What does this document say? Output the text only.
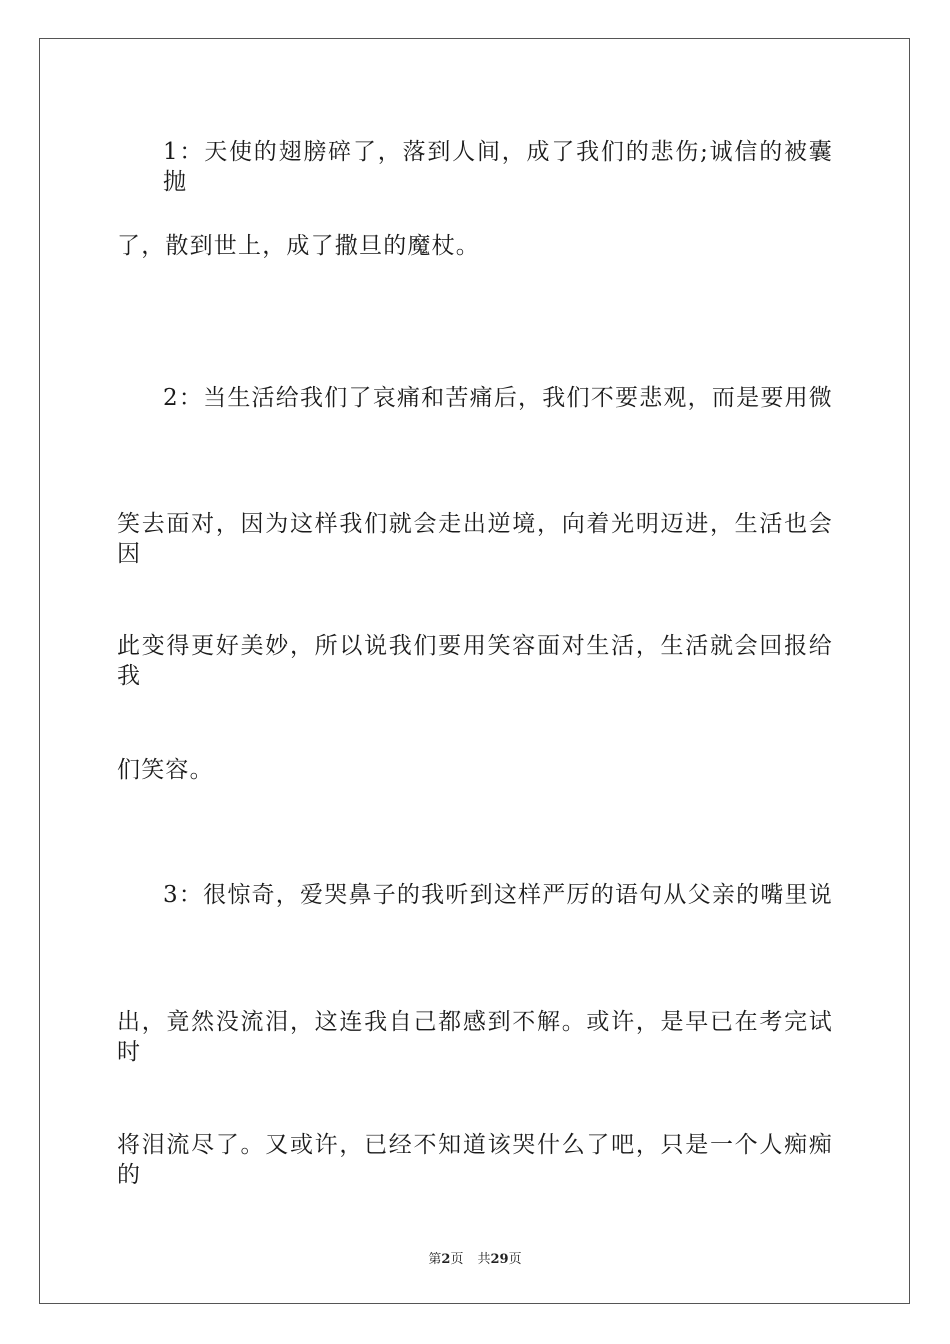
1：天使的翅膀碎了，落到人间，成了我们的悲伤;诚信的被囊抛
了，散到世上，成了撒旦的魔杖。
2：当生活给我们了哀痛和苦痛后，我们不要悲观，而是要用微
笑去面对，因为这样我们就会走出逆境，向着光明迈进，生活也会因
此变得更好美妙，所以说我们要用笑容面对生活，生活就会回报给我
们笑容。
3：很惊奇，爱哭鼻子的我听到这样严厉的语句从父亲的嘴里说
出，竟然没流泪，这连我自己都感到不解。或许，是早已在考完试时
将泪流尽了。又或许，已经不知道该哭什么了吧，只是一个人痴痴的
第2页 共29页
